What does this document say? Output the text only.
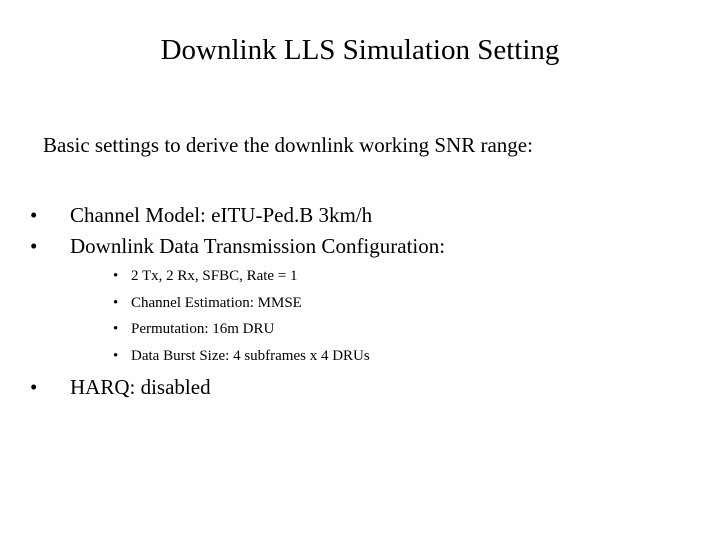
Downlink LLS Simulation Setting
Basic settings to derive the downlink working SNR range:
• Channel Model: eITU-Ped.B 3km/h
• Downlink Data Transmission Configuration:
• 2 Tx, 2 Rx, SFBC, Rate = 1
• Channel Estimation: MMSE
• Permutation: 16m DRU
• Data Burst Size: 4 subframes x 4 DRUs
• HARQ: disabled
